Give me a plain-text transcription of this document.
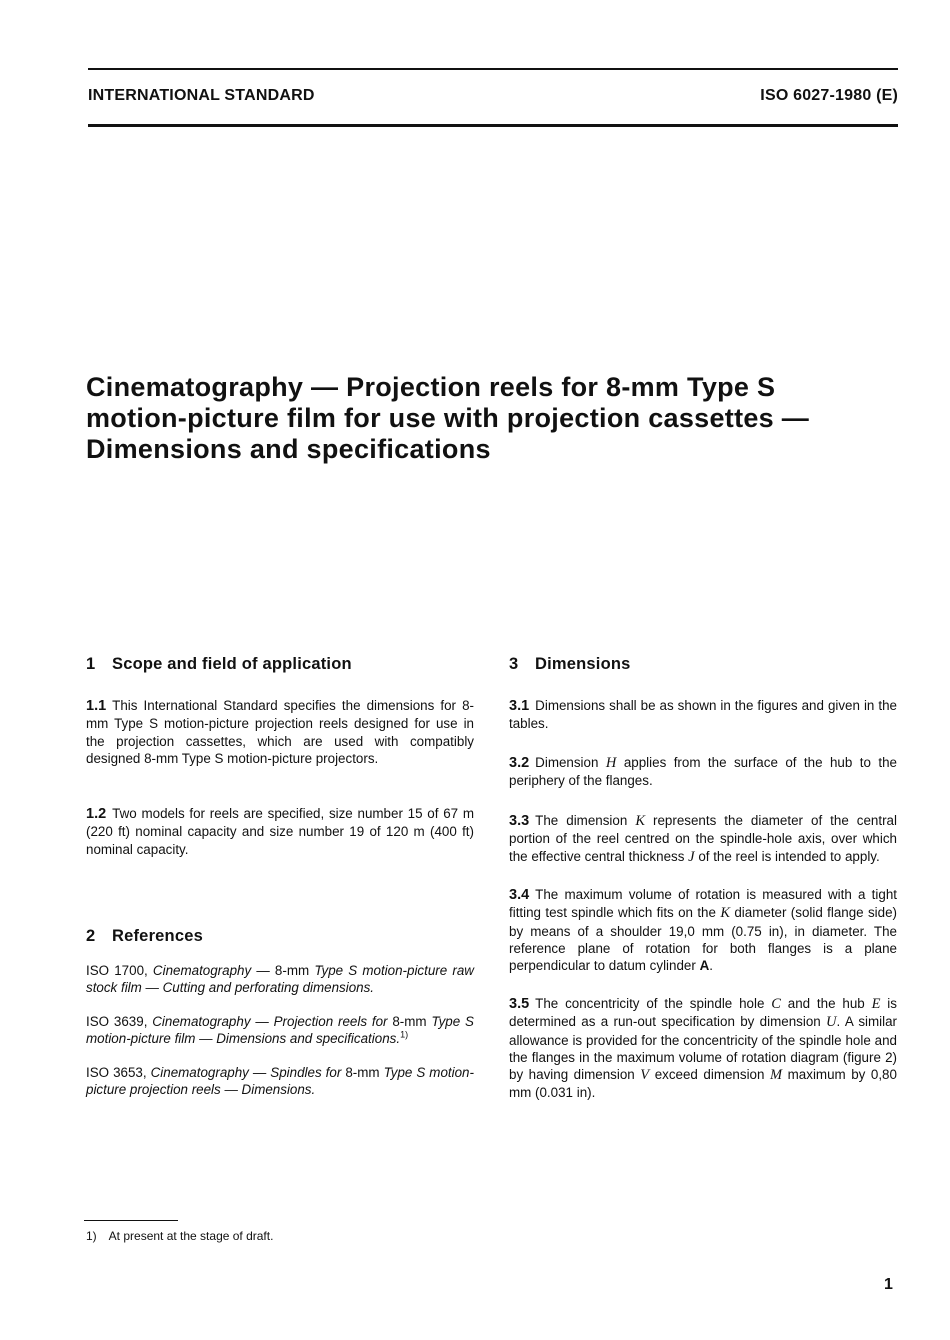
INTERNATIONAL STANDARD	ISO 6027-1980 (E)
Cinematography — Projection reels for 8-mm Type S
motion-picture film for use with projection cassettes —
Dimensions and specifications
1 Scope and field of application
1.1 This International Standard specifies the dimensions for 8-mm Type S motion-picture projection reels designed for use in the projection cassettes, which are used with compatibly designed 8-mm Type S motion-picture projectors.
1.2 Two models for reels are specified, size number 15 of 67 m (220 ft) nominal capacity and size number 19 of 120 m (400 ft) nominal capacity.
2 References
ISO 1700, Cinematography — 8-mm Type S motion-picture raw stock film — Cutting and perforating dimensions.
ISO 3639, Cinematography — Projection reels for 8-mm Type S motion-picture film — Dimensions and specifications.$^{1)}$
ISO 3653, Cinematography — Spindles for 8-mm Type S motion-picture projection reels — Dimensions.
3 Dimensions
3.1 Dimensions shall be as shown in the figures and given in the tables.
3.2 Dimension H applies from the surface of the hub to the periphery of the flanges.
3.3 The dimension K represents the diameter of the central portion of the reel centred on the spindle-hole axis, over which the effective central thickness J of the reel is intended to apply.
3.4 The maximum volume of rotation is measured with a tight fitting test spindle which fits on the K diameter (solid flange side) by means of a shoulder 19,0 mm (0.75 in), in diameter. The reference plane of rotation for both flanges is a plane perpendicular to datum cylinder A.
3.5 The concentricity of the spindle hole C and the hub E is determined as a run-out specification by dimension U. A similar allowance is provided for the concentricity of the spindle hole and the flanges in the maximum volume of rotation diagram (figure 2) by having dimension V exceed dimension M maximum by 0,80 mm (0.031 in).
1) At present at the stage of draft.
1
